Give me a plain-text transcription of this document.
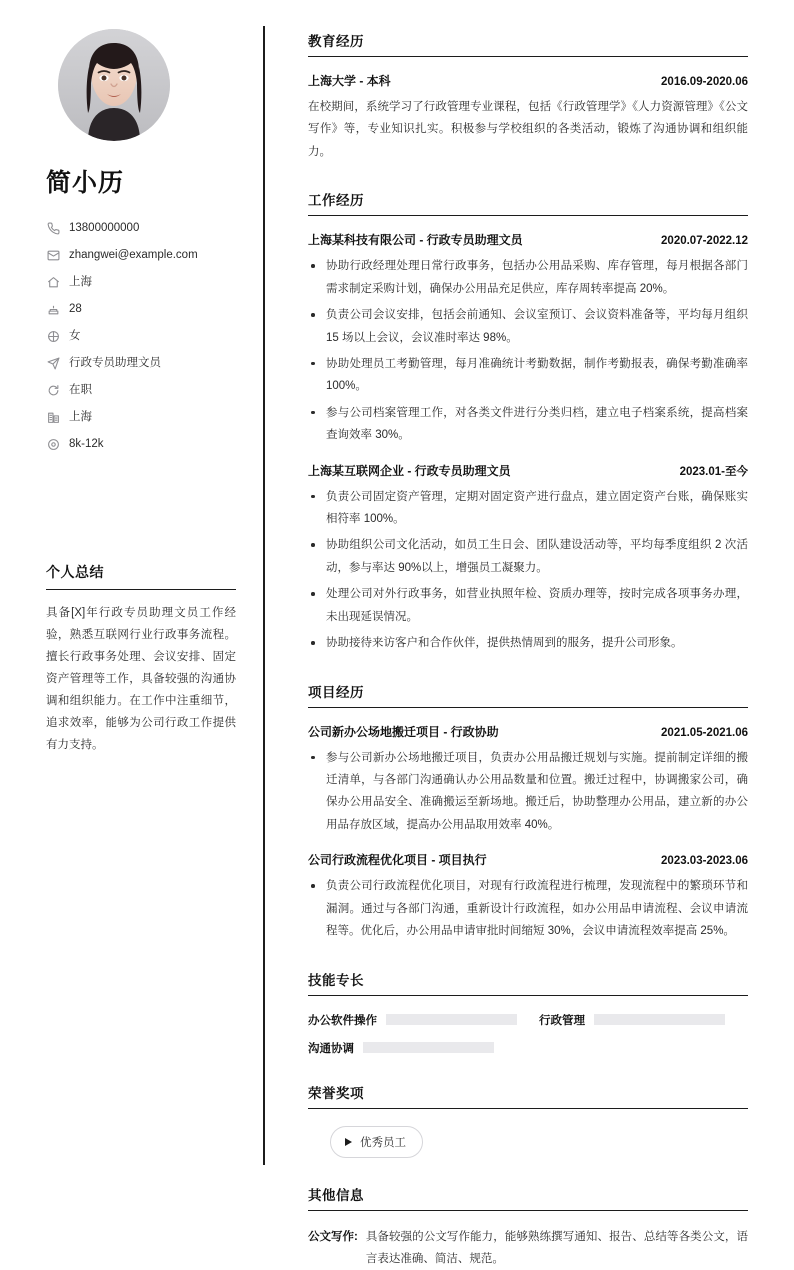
简小历
13800000000
zhangwei@example.com
上海
28
女
行政专员助理文员
在职
上海
8k-12k
个人总结

具备[X]年行政专员助理文员工作经验，熟悉互联网行业行政事务流程。擅长行政事务处理、会议安排、固定资产管理等工作，具备较强的沟通协调和组织能力。在工作中注重细节，追求效率，能够为公司行政工作提供有力支持。

教育经历
上海大学 - 本科	2016.09-2020.06

在校期间，系统学习了行政管理专业课程，包括《行政管理学》《人力资源管理》《公文写作》等，专业知识扎实。积极参与学校组织的各类活动，锻炼了沟通协调和组织能力。

工作经历
上海某科技有限公司 - 行政专员助理文员	2020.07-2022.12
协助行政经理处理日常行政事务，包括办公用品采购、库存管理，每月根据各部门需求制定采购计划，确保办公用品充足供应，库存周转率提高 20%。
负责公司会议安排，包括会前通知、会议室预订、会议资料准备等，平均每月组织 15 场以上会议，会议准时率达 98%。
协助处理员工考勤管理，每月准确统计考勤数据，制作考勤报表，确保考勤准确率 100%。
参与公司档案管理工作，对各类文件进行分类归档，建立电子档案系统，提高档案查询效率 30%。
上海某互联网企业 - 行政专员助理文员	2023.01-至今
负责公司固定资产管理，定期对固定资产进行盘点，建立固定资产台账，确保账实相符率 100%。
协助组织公司文化活动，如员工生日会、团队建设活动等，平均每季度组织 2 次活动，参与率达 90%以上，增强员工凝聚力。
处理公司对外行政事务，如营业执照年检、资质办理等，按时完成各项事务办理，未出现延误情况。
协助接待来访客户和合作伙伴，提供热情周到的服务，提升公司形象。
项目经历
公司新办公场地搬迁项目 - 行政协助	2021.05-2021.06
参与公司新办公场地搬迁项目，负责办公用品搬迁规划与实施。提前制定详细的搬迁清单，与各部门沟通确认办公用品数量和位置。搬迁过程中，协调搬家公司，确保办公用品安全、准确搬运至新场地。搬迁后，协助整理办公用品，建立新的办公用品存放区域，提高办公用品取用效率 40%。
公司行政流程优化项目 - 项目执行	2023.03-2023.06
负责公司行政流程优化项目，对现有行政流程进行梳理，发现流程中的繁琐环节和漏洞。通过与各部门沟通，重新设计行政流程，如办公用品申请流程、会议申请流程等。优化后，办公用品申请审批时间缩短 30%，会议申请流程效率提高 25%。
技能专长
办公软件操作	行政管理
沟通协调
荣誉奖项
优秀员工
其他信息
公文写作: 具备较强的公文写作能力，能够熟练撰写通知、报告、总结等各类公文，语言表达准确、简洁、规范。
